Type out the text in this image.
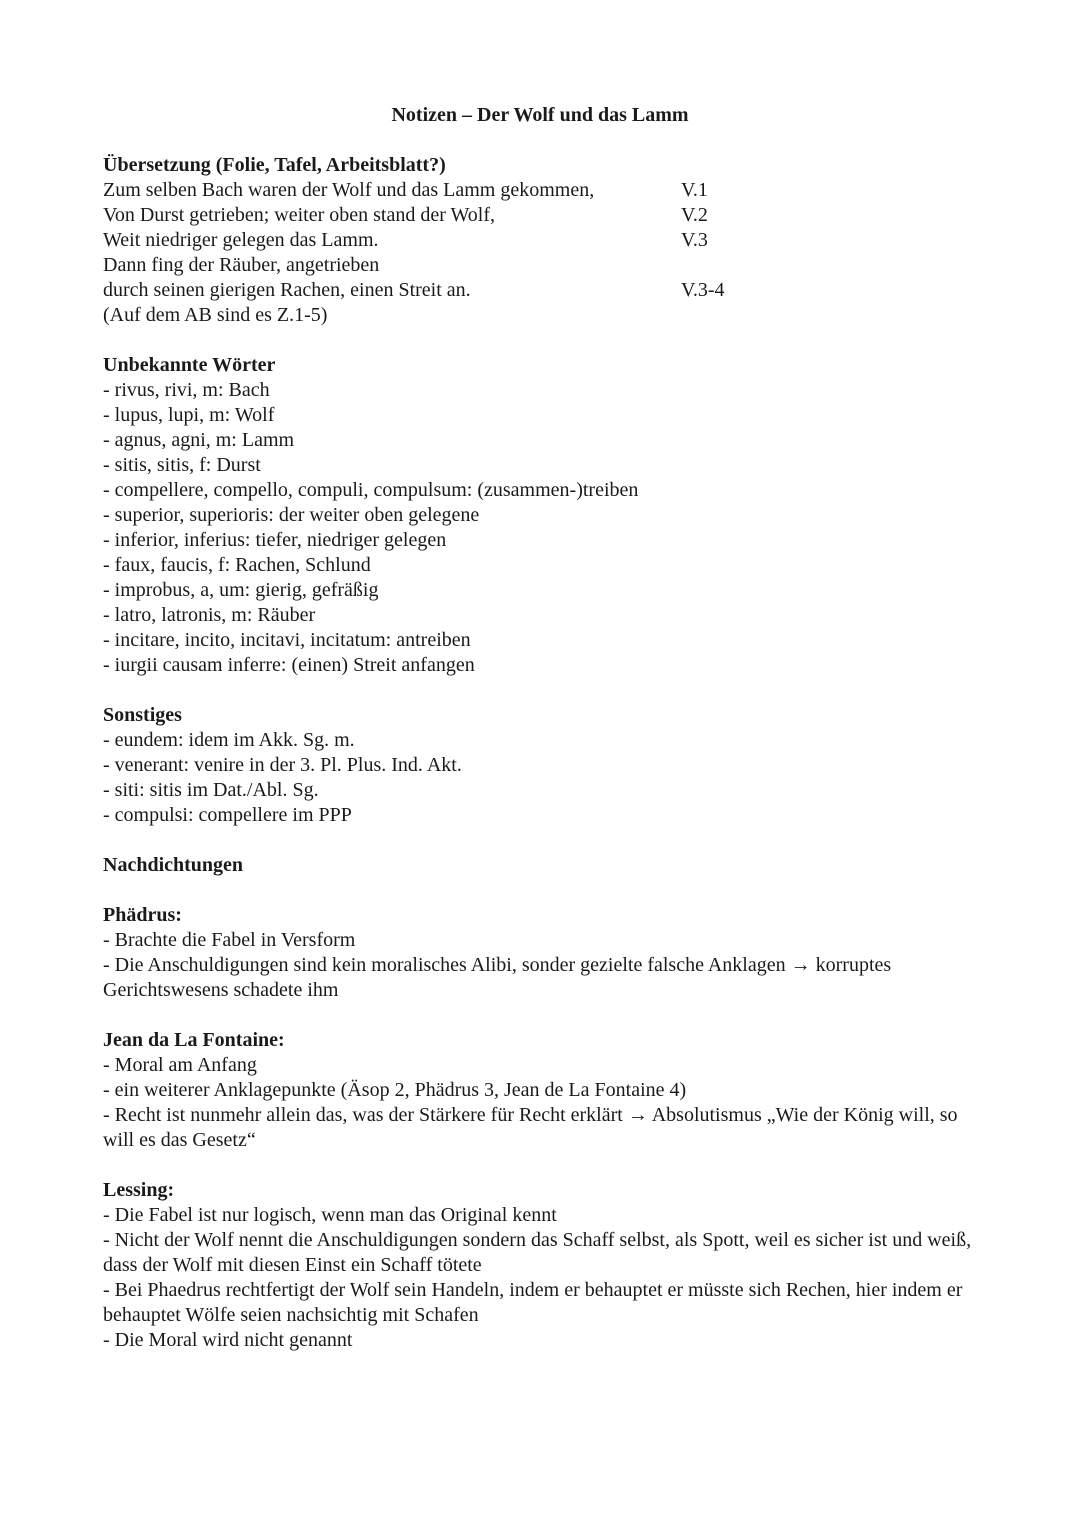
Notizen – Der Wolf und das Lamm
Übersetzung (Folie, Tafel, Arbeitsblatt?)
Zum selben Bach waren der Wolf und das Lamm gekommen,	V.1
Von Durst getrieben; weiter oben stand der Wolf,	V.2
Weit niedriger gelegen das Lamm.	V.3
Dann fing der Räuber, angetrieben
durch seinen gierigen Rachen, einen Streit an.	V.3-4
(Auf dem AB sind es Z.1-5)
Unbekannte Wörter
- rivus, rivi, m: Bach
- lupus, lupi, m: Wolf
- agnus, agni, m: Lamm
- sitis, sitis, f: Durst
- compellere, compello, compuli, compulsum: (zusammen-)treiben
- superior, superioris: der weiter oben gelegene
- inferior, inferius: tiefer, niedriger gelegen
- faux, faucis, f: Rachen, Schlund
- improbus, a, um: gierig, gefräßig
- latro, latronis, m: Räuber
- incitare, incito, incitavi, incitatum: antreiben
- iurgii causam inferre: (einen) Streit anfangen
Sonstiges
- eundem: idem im Akk. Sg. m.
- venerant: venire in der 3. Pl. Plus. Ind. Akt.
- siti: sitis im Dat./Abl. Sg.
- compulsi: compellere im PPP
Nachdichtungen
Phädrus:
- Brachte die Fabel in Versform
- Die Anschuldigungen sind kein moralisches Alibi, sonder gezielte falsche Anklagen → korruptes Gerichtswesens schadete ihm
Jean da La Fontaine:
- Moral am Anfang
- ein weiterer Anklagepunkte (Äsop 2, Phädrus 3, Jean de La Fontaine 4)
- Recht ist nunmehr allein das, was der Stärkere für Recht erklärt → Absolutismus „Wie der König will, so will es das Gesetz“
Lessing:
- Die Fabel ist nur logisch, wenn man das Original kennt
- Nicht der Wolf nennt die Anschuldigungen sondern das Schaff selbst, als Spott, weil es sicher ist und weiß, dass der Wolf mit diesen Einst ein Schaff tötete
- Bei Phaedrus rechtfertigt der Wolf sein Handeln, indem er behauptet er müsste sich Rechen, hier indem er behauptet Wölfe seien nachsichtig mit Schafen
- Die Moral wird nicht genannt
